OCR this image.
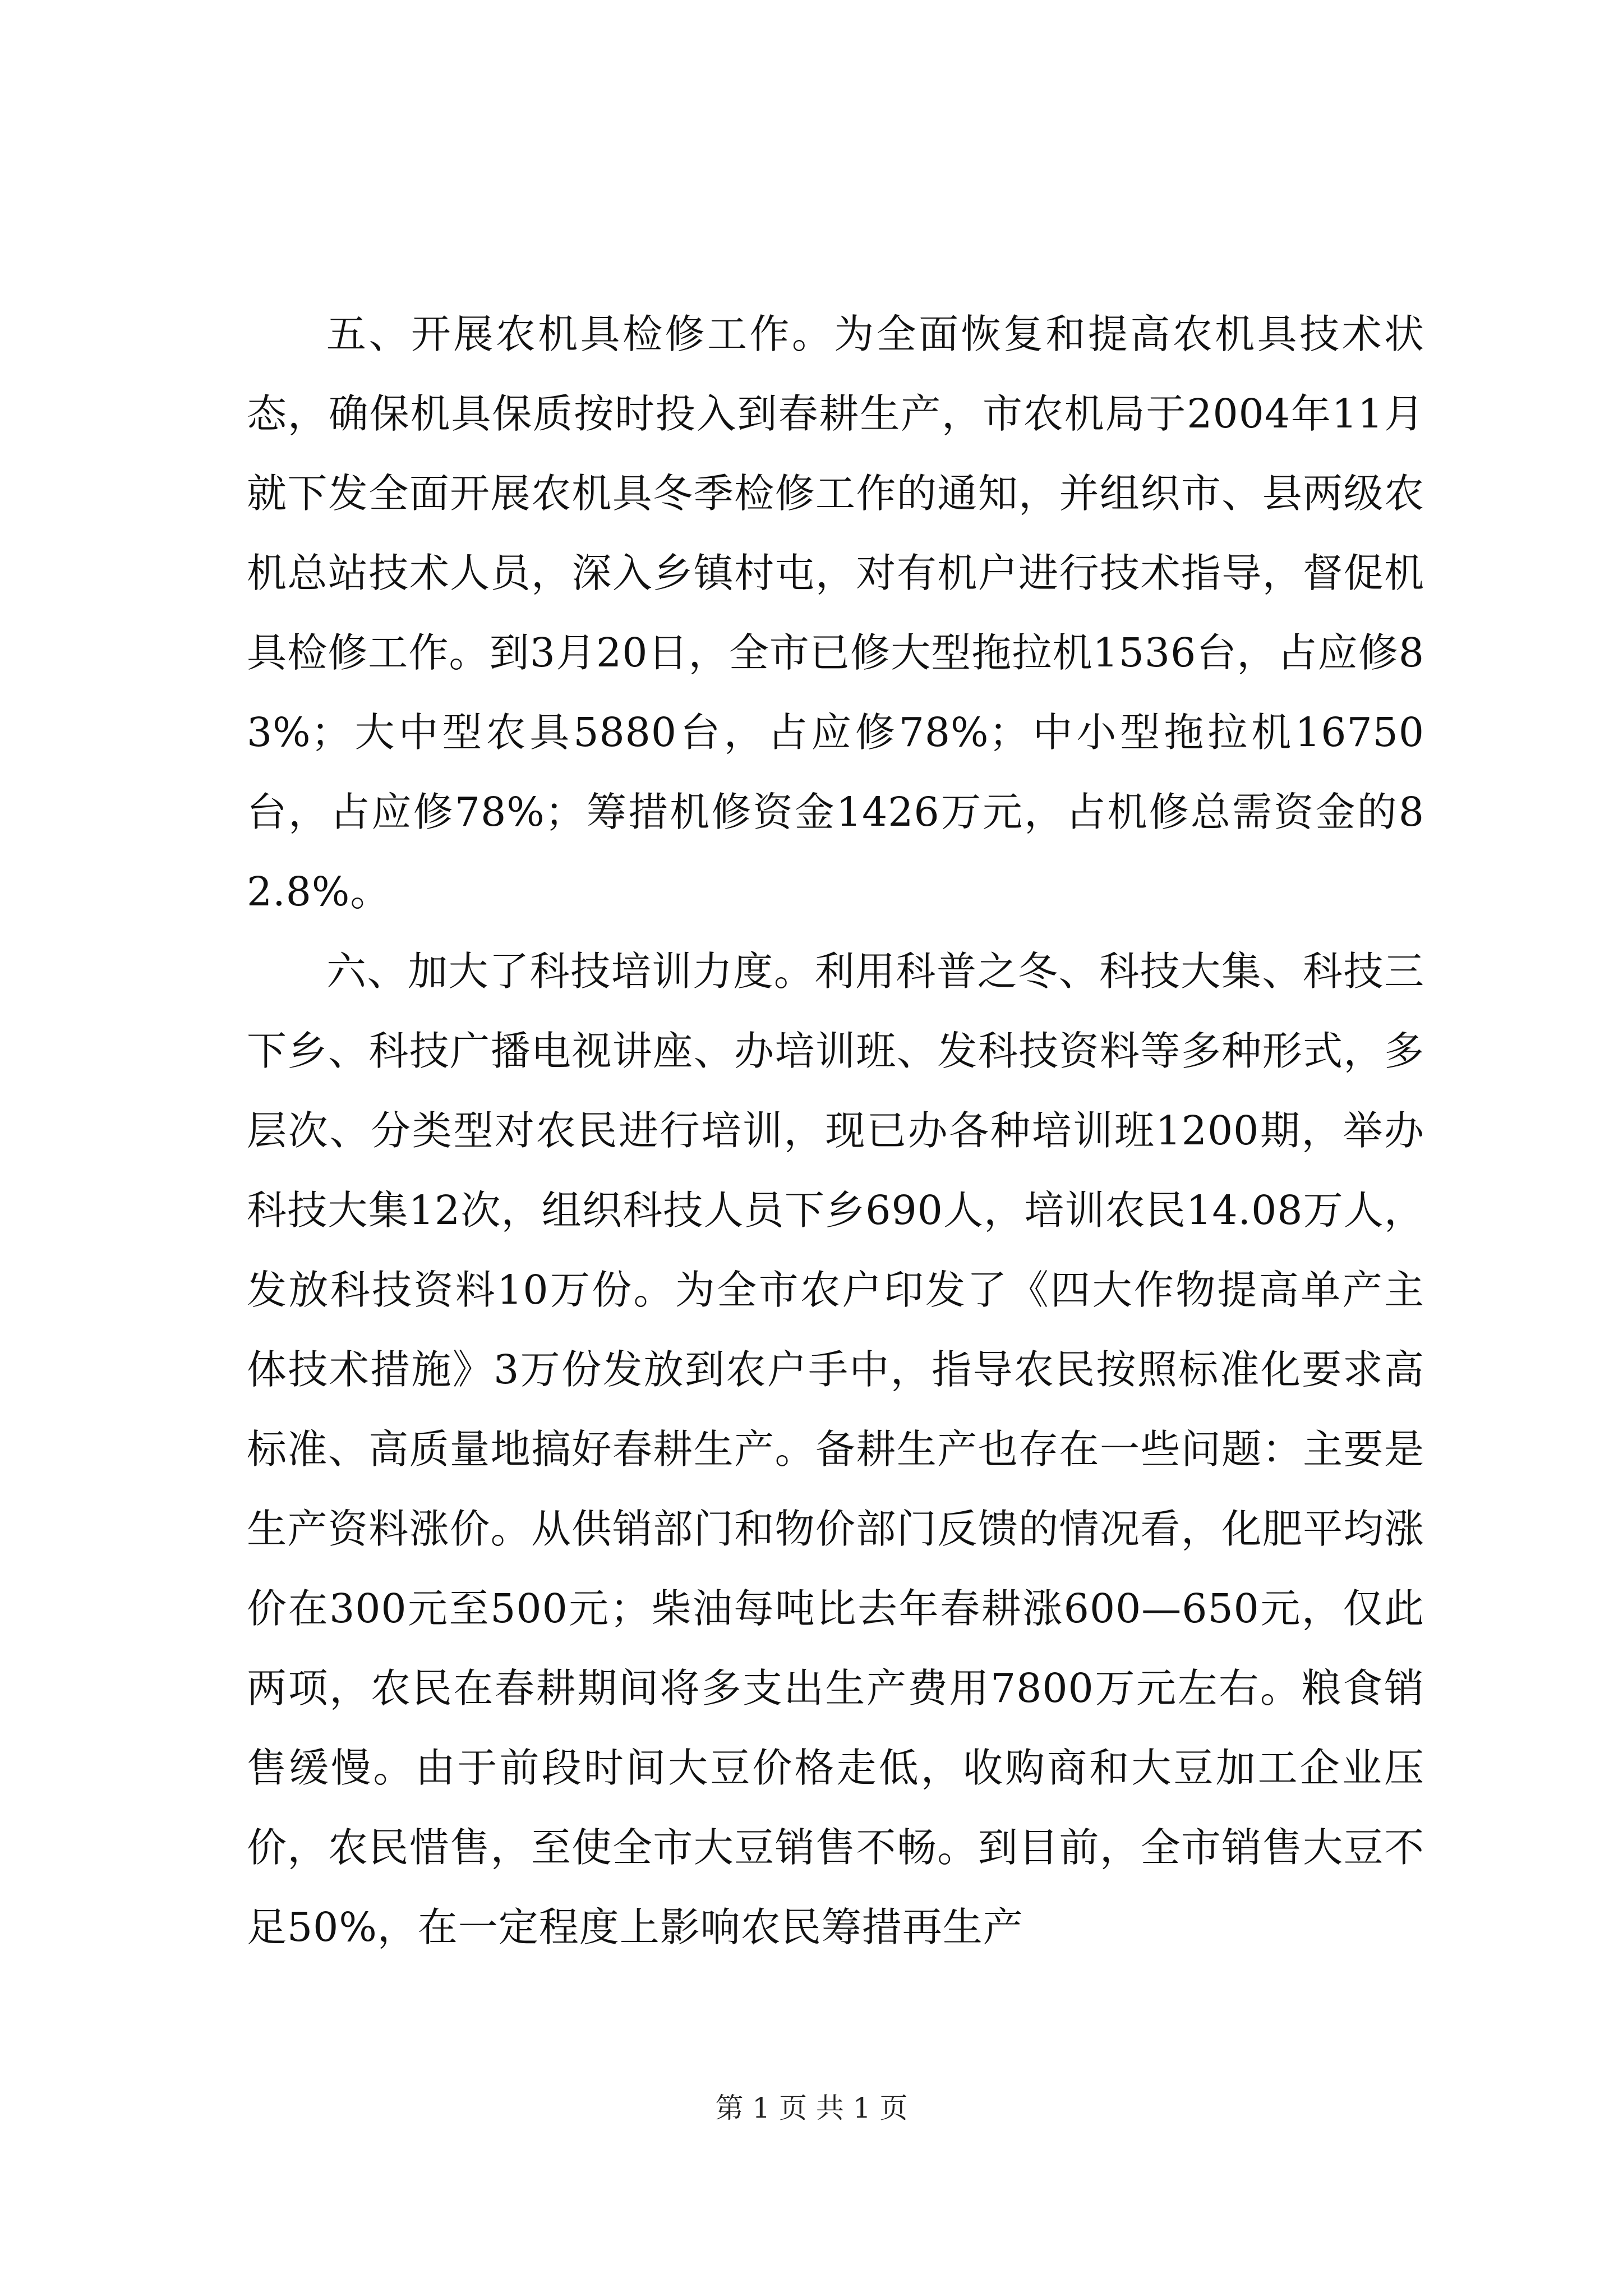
五、开展农机具检修工作。为全面恢复和提高农机具技术状态，确保机具保质按时投入到春耕生产，市农机局于2004年11月就下发全面开展农机具冬季检修工作的通知，并组织市、县两级农机总站技术人员，深入乡镇村屯，对有机户进行技术指导，督促机具检修工作。到3月20日，全市已修大型拖拉机1536台，占应修83%；大中型农具5880台，占应修78%；中小型拖拉机16750台，占应修78%；筹措机修资金1426万元，占机修总需资金的82.8%。

六、加大了科技培训力度。利用科普之冬、科技大集、科技三下乡、科技广播电视讲座、办培训班、发科技资料等多种形式，多层次、分类型对农民进行培训，现已办各种培训班1200期，举办科技大集12次，组织科技人员下乡690人，培训农民14.08万人，发放科技资料10万份。为全市农户印发了《四大作物提高单产主体技术措施》3万份发放到农户手中，指导农民按照标准化要求高标准、高质量地搞好春耕生产。备耕生产也存在一些问题：主要是生产资料涨价。从供销部门和物价部门反馈的情况看，化肥平均涨价在300元至500元；柴油每吨比去年春耕涨600—650元，仅此两项，农民在春耕期间将多支出生产费用7800万元左右。粮食销售缓慢。由于前段时间大豆价格走低，收购商和大豆加工企业压价，农民惜售，至使全市大豆销售不畅。到目前，全市销售大豆不足50%，在一定程度上影响农民筹措再生产

第 1 页 共 1 页
